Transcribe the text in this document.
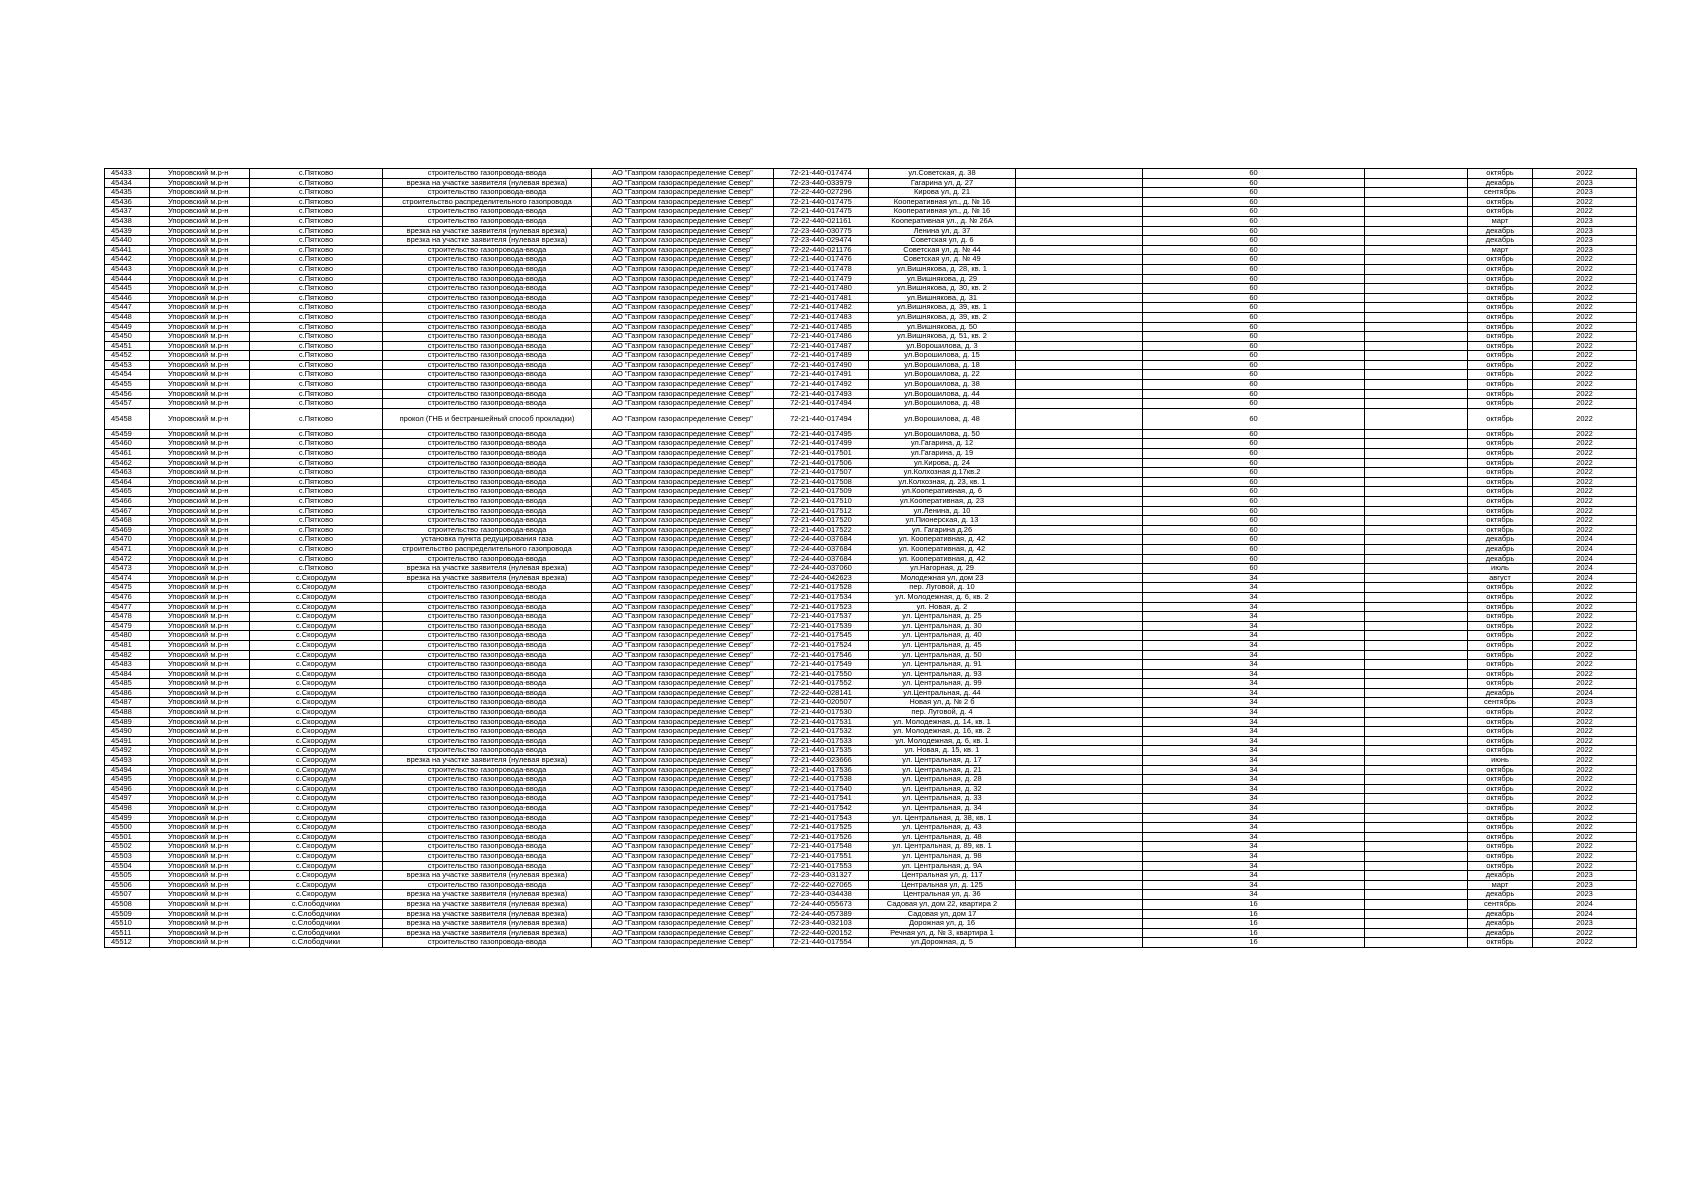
45433	Упоровский м.р-н	с.Пятково	строительство газопровода-ввода	АО "Газпром газораспределение Север"	72-21-440-017474	ул.Советская, д. 38		60		октябрь	2022
45434	Упоровский м.р-н	с.Пятково	врезка на участке заявителя (нулевая врезка)	АО "Газпром газораспределение Север"	72-23-440-033979	Гагарина ул, д. 27		60		декабрь	2023
45435	Упоровский м.р-н	с.Пятково	строительство газопровода-ввода	АО "Газпром газораспределение Север"	72-22-440-027296	Кирова ул, д. 21		60		сентябрь	2023
45436	Упоровский м.р-н	с.Пятково	строительство распределительного газопровода	АО "Газпром газораспределение Север"	72-21-440-017475	Кооперативная ул., д. № 16		60		октябрь	2022
45437	Упоровский м.р-н	с.Пятково	строительство газопровода-ввода	АО "Газпром газораспределение Север"	72-21-440-017475	Кооперативная ул., д. № 16		60		октябрь	2022
45438	Упоровский м.р-н	с.Пятково	строительство газопровода-ввода	АО "Газпром газораспределение Север"	72-22-440-021161	Кооперативная ул., д. № 26А		60		март	2023
45439	Упоровский м.р-н	с.Пятково	врезка на участке заявителя (нулевая врезка)	АО "Газпром газораспределение Север"	72-23-440-030775	Ленина ул, д. 37		60		декабрь	2023
45440	Упоровский м.р-н	с.Пятково	врезка на участке заявителя (нулевая врезка)	АО "Газпром газораспределение Север"	72-23-440-029474	Советская ул, д. 6		60		декабрь	2023
45441	Упоровский м.р-н	с.Пятково	строительство газопровода-ввода	АО "Газпром газораспределение Север"	72-22-440-021176	Советская ул, д. № 44		60		март	2023
45442	Упоровский м.р-н	с.Пятково	строительство газопровода-ввода	АО "Газпром газораспределение Север"	72-21-440-017476	Советская ул, д. № 49		60		октябрь	2022
45443	Упоровский м.р-н	с.Пятково	строительство газопровода-ввода	АО "Газпром газораспределение Север"	72-21-440-017478	ул.Вишнякова, д. 28, кв. 1		60		октябрь	2022
45444	Упоровский м.р-н	с.Пятково	строительство газопровода-ввода	АО "Газпром газораспределение Север"	72-21-440-017479	ул.Вишнякова, д. 29		60		октябрь	2022
45445	Упоровский м.р-н	с.Пятково	строительство газопровода-ввода	АО "Газпром газораспределение Север"	72-21-440-017480	ул.Вишнякова, д. 30, кв. 2		60		октябрь	2022
45446	Упоровский м.р-н	с.Пятково	строительство газопровода-ввода	АО "Газпром газораспределение Север"	72-21-440-017481	ул.Вишнякова, д. 31		60		октябрь	2022
45447	Упоровский м.р-н	с.Пятково	строительство газопровода-ввода	АО "Газпром газораспределение Север"	72-21-440-017482	ул.Вишнякова, д. 39, кв. 1		60		октябрь	2022
45448	Упоровский м.р-н	с.Пятково	строительство газопровода-ввода	АО "Газпром газораспределение Север"	72-21-440-017483	ул.Вишнякова, д. 39, кв. 2		60		октябрь	2022
45449	Упоровский м.р-н	с.Пятково	строительство газопровода-ввода	АО "Газпром газораспределение Север"	72-21-440-017485	ул.Вишнякова, д. 50		60		октябрь	2022
45450	Упоровский м.р-н	с.Пятково	строительство газопровода-ввода	АО "Газпром газораспределение Север"	72-21-440-017486	ул.Вишнякова, д. 51, кв. 2		60		октябрь	2022
45451	Упоровский м.р-н	с.Пятково	строительство газопровода-ввода	АО "Газпром газораспределение Север"	72-21-440-017487	ул.Ворошилова, д. 3		60		октябрь	2022
45452	Упоровский м.р-н	с.Пятково	строительство газопровода-ввода	АО "Газпром газораспределение Север"	72-21-440-017489	ул.Ворошилова, д. 15		60		октябрь	2022
45453	Упоровский м.р-н	с.Пятково	строительство газопровода-ввода	АО "Газпром газораспределение Север"	72-21-440-017490	ул.Ворошилова, д. 18		60		октябрь	2022
45454	Упоровский м.р-н	с.Пятково	строительство газопровода-ввода	АО "Газпром газораспределение Север"	72-21-440-017491	ул.Ворошилова, д. 22		60		октябрь	2022
45455	Упоровский м.р-н	с.Пятково	строительство газопровода-ввода	АО "Газпром газораспределение Север"	72-21-440-017492	ул.Ворошилова, д. 38		60		октябрь	2022
45456	Упоровский м.р-н	с.Пятково	строительство газопровода-ввода	АО "Газпром газораспределение Север"	72-21-440-017493	ул.Ворошилова, д. 44		60		октябрь	2022
45457	Упоровский м.р-н	с.Пятково	строительство газопровода-ввода	АО "Газпром газораспределение Север"	72-21-440-017494	ул.Ворошилова, д. 48		60		октябрь	2022
45458	Упоровский м.р-н	с.Пятково	прокол (ГНБ и бестраншейный способ прокладки)	АО "Газпром газораспределение Север"	72-21-440-017494	ул.Ворошилова, д. 48		60		октябрь	2022
45459	Упоровский м.р-н	с.Пятково	строительство газопровода-ввода	АО "Газпром газораспределение Север"	72-21-440-017495	ул.Ворошилова, д. 50		60		октябрь	2022
45460	Упоровский м.р-н	с.Пятково	строительство газопровода-ввода	АО "Газпром газораспределение Север"	72-21-440-017499	ул.Гагарина, д. 12		60		октябрь	2022
45461	Упоровский м.р-н	с.Пятково	строительство газопровода-ввода	АО "Газпром газораспределение Север"	72-21-440-017501	ул.Гагарина, д. 19		60		октябрь	2022
45462	Упоровский м.р-н	с.Пятково	строительство газопровода-ввода	АО "Газпром газораспределение Север"	72-21-440-017506	ул.Кирова, д. 24		60		октябрь	2022
45463	Упоровский м.р-н	с.Пятково	строительство газопровода-ввода	АО "Газпром газораспределение Север"	72-21-440-017507	ул.Колхозная д.17кв.2		60		октябрь	2022
45464	Упоровский м.р-н	с.Пятково	строительство газопровода-ввода	АО "Газпром газораспределение Север"	72-21-440-017508	ул.Колхозная, д. 23, кв. 1		60		октябрь	2022
45465	Упоровский м.р-н	с.Пятково	строительство газопровода-ввода	АО "Газпром газораспределение Север"	72-21-440-017509	ул.Кооперативная, д. 6		60		октябрь	2022
45466	Упоровский м.р-н	с.Пятково	строительство газопровода-ввода	АО "Газпром газораспределение Север"	72-21-440-017510	ул.Кооперативная, д. 23		60		октябрь	2022
45467	Упоровский м.р-н	с.Пятково	строительство газопровода-ввода	АО "Газпром газораспределение Север"	72-21-440-017512	ул.Ленина, д. 10		60		октябрь	2022
45468	Упоровский м.р-н	с.Пятково	строительство газопровода-ввода	АО "Газпром газораспределение Север"	72-21-440-017520	ул.Пионерская, д. 13		60		октябрь	2022
45469	Упоровский м.р-н	с.Пятково	строительство газопровода-ввода	АО "Газпром газораспределение Север"	72-21-440-017522	ул. Гагарина д.26		60		октябрь	2022
45470	Упоровский м.р-н	с.Пятково	установка пункта редуцирования газа	АО "Газпром газораспределение Север"	72-24-440-037684	ул. Кооперативная, д. 42		60		декабрь	2024
45471	Упоровский м.р-н	с.Пятково	строительство распределительного газопровода	АО "Газпром газораспределение Север"	72-24-440-037684	ул. Кооперативная, д. 42		60		декабрь	2024
45472	Упоровский м.р-н	с.Пятково	строительство газопровода-ввода	АО "Газпром газораспределение Север"	72-24-440-037684	ул. Кооперативная, д. 42		60		декабрь	2024
45473	Упоровский м.р-н	с.Пятково	врезка на участке заявителя (нулевая врезка)	АО "Газпром газораспределение Север"	72-24-440-037060	ул.Нагорная, д. 29		60		июль	2024
45474	Упоровский м.р-н	с.Скородум	врезка на участке заявителя (нулевая врезка)	АО "Газпром газораспределение Север"	72-24-440-042623	Молодежная ул, дом 23		34		август	2024
45475	Упоровский м.р-н	с.Скородум	строительство газопровода-ввода	АО "Газпром газораспределение Север"	72-21-440-017528	пер. Луговой, д. 10		34		октябрь	2022
45476	Упоровский м.р-н	с.Скородум	строительство газопровода-ввода	АО "Газпром газораспределение Север"	72-21-440-017534	ул. Молодежная, д. 6, кв. 2		34		октябрь	2022
45477	Упоровский м.р-н	с.Скородум	строительство газопровода-ввода	АО "Газпром газораспределение Север"	72-21-440-017523	ул. Новая, д. 2		34		октябрь	2022
45478	Упоровский м.р-н	с.Скородум	строительство газопровода-ввода	АО "Газпром газораспределение Север"	72-21-440-017537	ул. Центральная, д. 25		34		октябрь	2022
45479	Упоровский м.р-н	с.Скородум	строительство газопровода-ввода	АО "Газпром газораспределение Север"	72-21-440-017539	ул. Центральная, д. 30		34		октябрь	2022
45480	Упоровский м.р-н	с.Скородум	строительство газопровода-ввода	АО "Газпром газораспределение Север"	72-21-440-017545	ул. Центральная, д. 40		34		октябрь	2022
45481	Упоровский м.р-н	с.Скородум	строительство газопровода-ввода	АО "Газпром газораспределение Север"	72-21-440-017524	ул. Центральная, д. 45		34		октябрь	2022
45482	Упоровский м.р-н	с.Скородум	строительство газопровода-ввода	АО "Газпром газораспределение Север"	72-21-440-017546	ул. Центральная, д. 50		34		октябрь	2022
45483	Упоровский м.р-н	с.Скородум	строительство газопровода-ввода	АО "Газпром газораспределение Север"	72-21-440-017549	ул. Центральная, д. 91		34		октябрь	2022
45484	Упоровский м.р-н	с.Скородум	строительство газопровода-ввода	АО "Газпром газораспределение Север"	72-21-440-017550	ул. Центральная, д. 93		34		октябрь	2022
45485	Упоровский м.р-н	с.Скородум	строительство газопровода-ввода	АО "Газпром газораспределение Север"	72-21-440-017552	ул. Центральная, д. 99		34		октябрь	2022
45486	Упоровский м.р-н	с.Скородум	строительство газопровода-ввода	АО "Газпром газораспределение Север"	72-22-440-028141	ул.Центральная, д. 44		34		декабрь	2024
45487	Упоровский м.р-н	с.Скородум	строительство газопровода-ввода	АО "Газпром газораспределение Север"	72-21-440-020507	Новая ул, д. № 2 б		34		сентябрь	2023
45488	Упоровский м.р-н	с.Скородум	строительство газопровода-ввода	АО "Газпром газораспределение Север"	72-21-440-017530	пер. Луговой, д. 4		34		октябрь	2022
45489	Упоровский м.р-н	с.Скородум	строительство газопровода-ввода	АО "Газпром газораспределение Север"	72-21-440-017531	ул. Молодежная, д. 14, кв. 1		34		октябрь	2022
45490	Упоровский м.р-н	с.Скородум	строительство газопровода-ввода	АО "Газпром газораспределение Север"	72-21-440-017532	ул. Молодежная, д. 16, кв. 2		34		октябрь	2022
45491	Упоровский м.р-н	с.Скородум	строительство газопровода-ввода	АО "Газпром газораспределение Север"	72-21-440-017533	ул. Молодежная, д. 6, кв. 1		34		октябрь	2022
45492	Упоровский м.р-н	с.Скородум	строительство газопровода-ввода	АО "Газпром газораспределение Север"	72-21-440-017535	ул. Новая, д. 15, кв. 1		34		октябрь	2022
45493	Упоровский м.р-н	с.Скородум	врезка на участке заявителя (нулевая врезка)	АО "Газпром газораспределение Север"	72-21-440-023666	ул. Центральная, д. 17		34		июнь	2022
45494	Упоровский м.р-н	с.Скородум	строительство газопровода-ввода	АО "Газпром газораспределение Север"	72-21-440-017536	ул. Центральная, д. 21		34		октябрь	2022
45495	Упоровский м.р-н	с.Скородум	строительство газопровода-ввода	АО "Газпром газораспределение Север"	72-21-440-017538	ул. Центральная, д. 28		34		октябрь	2022
45496	Упоровский м.р-н	с.Скородум	строительство газопровода-ввода	АО "Газпром газораспределение Север"	72-21-440-017540	ул. Центральная, д. 32		34		октябрь	2022
45497	Упоровский м.р-н	с.Скородум	строительство газопровода-ввода	АО "Газпром газораспределение Север"	72-21-440-017541	ул. Центральная, д. 33		34		октябрь	2022
45498	Упоровский м.р-н	с.Скородум	строительство газопровода-ввода	АО "Газпром газораспределение Север"	72-21-440-017542	ул. Центральная, д. 34		34		октябрь	2022
45499	Упоровский м.р-н	с.Скородум	строительство газопровода-ввода	АО "Газпром газораспределение Север"	72-21-440-017543	ул. Центральная, д. 38, кв. 1		34		октябрь	2022
45500	Упоровский м.р-н	с.Скородум	строительство газопровода-ввода	АО "Газпром газораспределение Север"	72-21-440-017525	ул. Центральная, д. 43		34		октябрь	2022
45501	Упоровский м.р-н	с.Скородум	строительство газопровода-ввода	АО "Газпром газораспределение Север"	72-21-440-017526	ул. Центральная, д. 48		34		октябрь	2022
45502	Упоровский м.р-н	с.Скородум	строительство газопровода-ввода	АО "Газпром газораспределение Север"	72-21-440-017548	ул. Центральная, д. 89, кв. 1		34		октябрь	2022
45503	Упоровский м.р-н	с.Скородум	строительство газопровода-ввода	АО "Газпром газораспределение Север"	72-21-440-017551	ул. Центральная, д. 98		34		октябрь	2022
45504	Упоровский м.р-н	с.Скородум	строительство газопровода-ввода	АО "Газпром газораспределение Север"	72-21-440-017553	ул. Центральная, д. 9А		34		октябрь	2022
45505	Упоровский м.р-н	с.Скородум	врезка на участке заявителя (нулевая врезка)	АО "Газпром газораспределение Север"	72-23-440-031327	Центральная ул, д. 117		34		декабрь	2023
45506	Упоровский м.р-н	с.Скородум	строительство газопровода-ввода	АО "Газпром газораспределение Север"	72-22-440-027065	Центральная ул, д. 125		34		март	2023
45507	Упоровский м.р-н	с.Скородум	врезка на участке заявителя (нулевая врезка)	АО "Газпром газораспределение Север"	72-23-440-034438	Центральная ул, д. 36		34		декабрь	2023
45508	Упоровский м.р-н	с.Слободчики	врезка на участке заявителя (нулевая врезка)	АО "Газпром газораспределение Север"	72-24-440-055673	Садовая ул, дом 22, квартира 2		16		сентябрь	2024
45509	Упоровский м.р-н	с.Слободчики	врезка на участке заявителя (нулевая врезка)	АО "Газпром газораспределение Север"	72-24-440-057389	Садовая ул, дом 17		16		декабрь	2024
45510	Упоровский м.р-н	с.Слободчики	врезка на участке заявителя (нулевая врезка)	АО "Газпром газораспределение Север"	72-23-440-032103	Дорожная ул, д. 16		16		декабрь	2023
45511	Упоровский м.р-н	с.Слободчики	врезка на участке заявителя (нулевая врезка)	АО "Газпром газораспределение Север"	72-22-440-020152	Речная ул, д. № 3, квартира 1		16		декабрь	2022
45512	Упоровский м.р-н	с.Слободчики	строительство газопровода-ввода	АО "Газпром газораспределение Север"	72-21-440-017554	ул.Дорожная, д. 5		16		октябрь	2022
